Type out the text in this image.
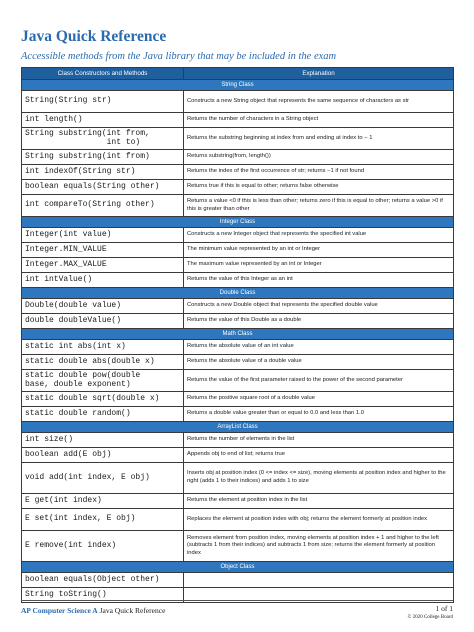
Java Quick Reference
Accessible methods from the Java library that may be included in the exam
Class Constructors and Methods	Explanation
String Class	
String(String str)	Constructs a new String object that represents the same sequence of characters as str
int length()	Returns the number of characters in a String object
String substring(int from,
int to)	Returns the substring beginning at index from and ending at index to − 1
String substring(int from)	Returns substring(from, length())
int indexOf(String str)	Returns the index of the first occurrence of str; returns −1 if not found
boolean equals(String other)	Returns true if this is equal to other; returns false otherwise
int compareTo(String other)	Returns a value <0 if this is less than other; returns zero if this is equal to other; returns a value >0 if this is greater than other
Integer Class	
Integer(int value)	Constructs a new Integer object that represents the specified int value
Integer.MIN_VALUE	The minimum value represented by an int or Integer
Integer.MAX_VALUE	The maximum value represented by an int or Integer
int intValue()	Returns the value of this Integer as an int
Double Class	
Double(double value)	Constructs a new Double object that represents the specified double value
double doubleValue()	Returns the value of this Double as a double
Math Class	
static int abs(int x)	Returns the absolute value of an int value
static double abs(double x)	Returns the absolute value of a double value
static double pow(double
base, double exponent)	Returns the value of the first parameter raised to the power of the second parameter
static double sqrt(double x)	Returns the positive square root of a double value
static double random()	Returns a double value greater than or equal to 0.0 and less than 1.0
ArrayList Class	
int size()	Returns the number of elements in the list
boolean add(E obj)	Appends obj to end of list; returns true
void add(int index, E obj)	Inserts obj at position index (0 <= index <= size), moving elements at position index and higher to the right (adds 1 to their indices) and adds 1 to size
E get(int index)	Returns the element at position index in the list
E set(int index, E obj)	Replaces the element at position index with obj; returns the element formerly at position index
E remove(int index)	Removes element from position index, moving elements at position index + 1 and higher to the left (subtracts 1 from their indices) and subtracts 1 from size; returns the element formerly at position index
Object Class	
boolean equals(Object other)	
String toString()	
AP Computer Science A Java Quick Reference	1 of 1
© 2020 College Board
